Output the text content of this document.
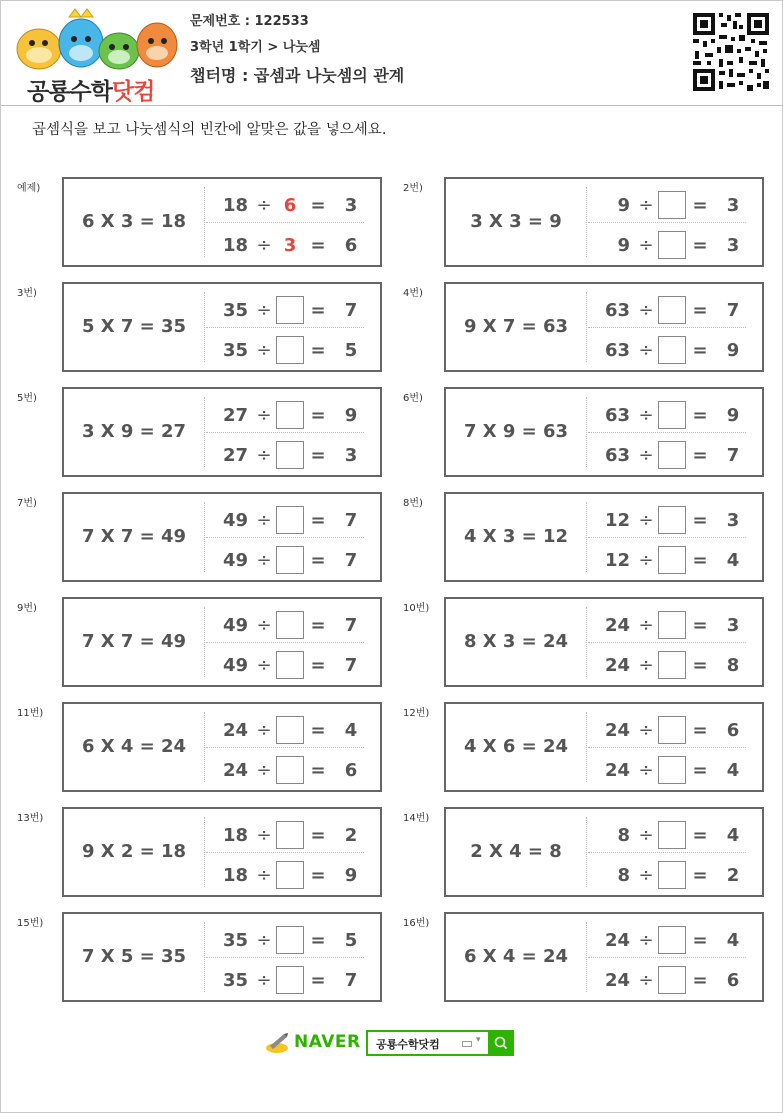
공룡수학닷컴
문제번호 : 122533
3학년 1학기 > 나눗셈
챕터명 : 곱셈과 나눗셈의 관계
곱셈식을 보고 나눗셈식의 빈칸에 알맞은 값을 넣으세요.
예제)
6 X 3 = 18
18 ÷ 6 =	3
18 ÷ 3 =	6
2번)
3 X 3 = 9
9 ÷ =	3
9 ÷ =	3
3번)
5 X 7 = 35
35 ÷ =	7
35 ÷ =	5
4번)
9 X 7 = 63
63 ÷ =	7
63 ÷ =	9
5번)
3 X 9 = 27
27 ÷ =	9
27 ÷ =	3
6번)
7 X 9 = 63
63 ÷ =	9
63 ÷ =	7
7번)
7 X 7 = 49
49 ÷ =	7
49 ÷ =	7
8번)
4 X 3 = 12
12 ÷ =	3
12 ÷ =	4
9번)
7 X 7 = 49
49 ÷ =	7
49 ÷ =	7
10번)
8 X 3 = 24
24 ÷ =	3
24 ÷ =	8
11번)
6 X 4 = 24
24 ÷ =	4
24 ÷ =	6
12번)
4 X 6 = 24
24 ÷ =	6
24 ÷ =	4
13번)
9 X 2 = 18
18 ÷ =	2
18 ÷ =	9
14번)
2 X 4 = 8
8 ÷ =	4
8 ÷ =	2
15번)
7 X 5 = 35
35 ÷ =	5
35 ÷ =	7
16번)
6 X 4 = 24
24 ÷ =	4
24 ÷ =	6
NAVER 공룡수학닷컴	▾
